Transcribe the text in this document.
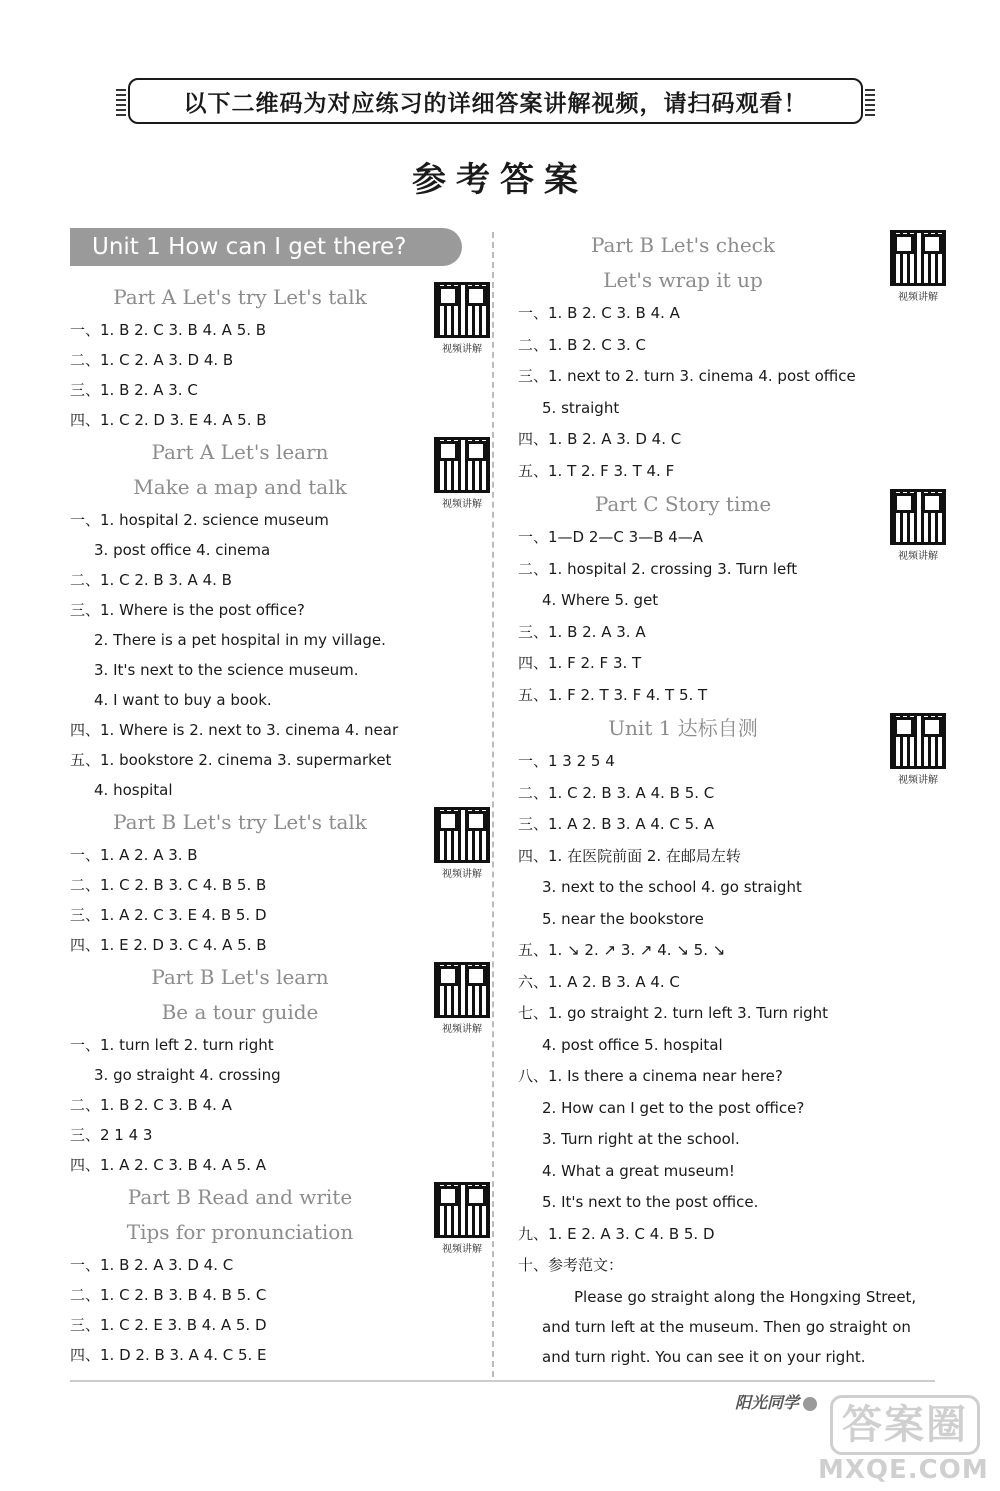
以下二维码为对应练习的详细答案讲解视频，请扫码观看！
参考答案
Unit 1 How can I get there?
Part A Let's try Let's talk
视频讲解
一、1. B 2. C 3. B 4. A 5. B
二、1. C 2. A 3. D 4. B
三、1. B 2. A 3. C
四、1. C 2. D 3. E 4. A 5. B
Part A Let's learn
Make a map and talk
视频讲解
一、1. hospital 2. science museum
3. post office 4. cinema
二、1. C 2. B 3. A 4. B
三、1. Where is the post office?
2. There is a pet hospital in my village.
3. It's next to the science museum.
4. I want to buy a book.
四、1. Where is 2. next to 3. cinema 4. near
五、1. bookstore 2. cinema 3. supermarket
4. hospital
Part B Let's try Let's talk
视频讲解
一、1. A 2. A 3. B
二、1. C 2. B 3. C 4. B 5. B
三、1. A 2. C 3. E 4. B 5. D
四、1. E 2. D 3. C 4. A 5. B
Part B Let's learn
Be a tour guide
视频讲解
一、1. turn left 2. turn right
3. go straight 4. crossing
二、1. B 2. C 3. B 4. A
三、2 1 4 3
四、1. A 2. C 3. B 4. A 5. A
Part B Read and write
Tips for pronunciation
视频讲解
一、1. B 2. A 3. D 4. C
二、1. C 2. B 3. B 4. B 5. C
三、1. C 2. E 3. B 4. A 5. D
四、1. D 2. B 3. A 4. C 5. E
Part B Let's check
Let's wrap it up
视频讲解
一、1. B 2. C 3. B 4. A
二、1. B 2. C 3. C
三、1. next to 2. turn 3. cinema 4. post office
5. straight
四、1. B 2. A 3. D 4. C
五、1. T 2. F 3. T 4. F
Part C Story time
视频讲解
一、1—D 2—C 3—B 4—A
二、1. hospital 2. crossing 3. Turn left
4. Where 5. get
三、1. B 2. A 3. A
四、1. F 2. F 3. T
五、1. F 2. T 3. F 4. T 5. T
Unit 1 达标自测
视频讲解
一、1 3 2 5 4
二、1. C 2. B 3. A 4. B 5. C
三、1. A 2. B 3. A 4. C 5. A
四、1. 在医院前面 2. 在邮局左转
3. next to the school 4. go straight
5. near the bookstore
五、1. ↘ 2. ↗ 3. ↗ 4. ↘ 5. ↘
六、1. A 2. B 3. A 4. C
七、1. go straight 2. turn left 3. Turn right
4. post office 5. hospital
八、1. Is there a cinema near here?
2. How can I get to the post office?
3. Turn right at the school.
4. What a great museum!
5. It's next to the post office.
九、1. E 2. A 3. C 4. B 5. D
十、参考范文：
Please go straight along the Hongxing Street, and turn left at the museum. Then go straight on and turn right. You can see it on your right.
阳光同学	答案圈
MXQE.COM
